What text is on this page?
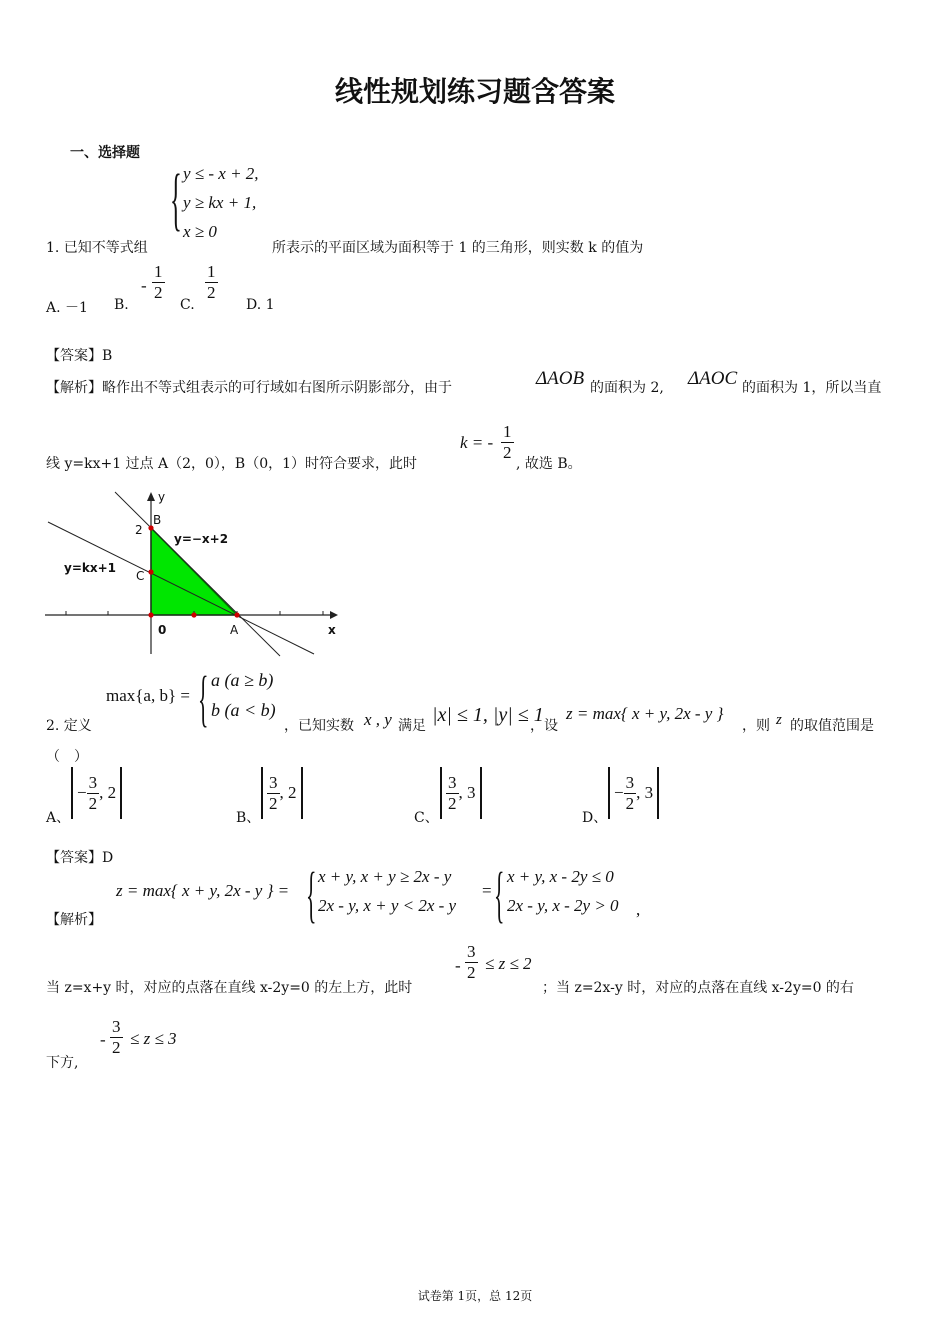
线性规划练习题含答案
一、选择题
{ y ≤ - x + 2,
y ≥ kx + 1,
x ≥ 0
1. 已知不等式组	所表示的平面区域为面积等于 1 的三角形，则实数 k 的值为
A. －1 B.
- $\frac{1}{2}$
C.
$\frac{1}{2}$
D. 1
【答案】B
【解析】略作出不等式组表示的可行域如右图所示阴影部分，由于	ΔAOB 的面积为 2, ΔAOC 的面积为 1，所以当直
线 y=kx+1 过点 A（2，0），B（0，1）时符合要求，此时
k = - $\frac{1}{2}$
, 故选 B。
y
x
0
2
B
C
A
y=−x+2
y=kx+1
max{a, b} = { a (a ≥ b)
b (a < b)
2. 定义	，已知实数 x , y 满足 |x| ≤ 1, |y| ≤ 1
，设
z = max{ x + y, 2x - y }
，则 z 的取值范围是
（　）
A、
− $\frac{3}{2}$ , 2
B、
$\frac{3}{2}$ , 2
C、
$\frac{3}{2}$ , 3
D、
− $\frac{3}{2}$ , 3
【答案】D
【解析】
z = max{ x + y, 2x - y } = { x + y, x + y ≥ 2x - y
2x - y, x + y < 2x - y
= { x + y, x - 2y ≤ 0
2x - y, x - 2y > 0 ,
当 z=x+y 时，对应的点落在直线 x-2y=0 的左上方，此时
- $\frac{3}{2} \le z \le 2$
；当 z=2x-y 时，对应的点落在直线 x-2y=0 的右
下方,
- $\frac{3}{2} \le z \le 3$
试卷第 1页，总 12页
